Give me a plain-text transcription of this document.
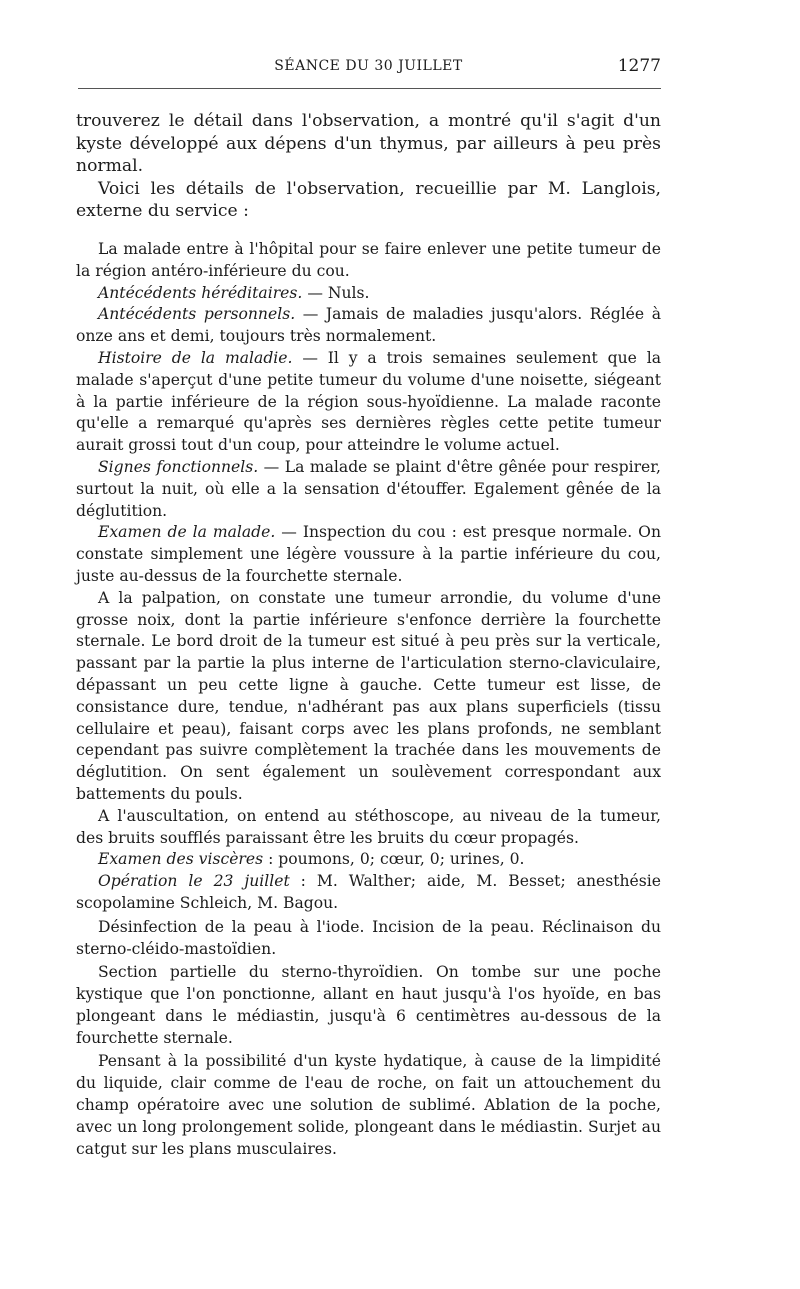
SÉANCE DU 30 JUILLET	1277

trouverez le détail dans l'observation, a montré qu'il s'agit d'un kyste développé aux dépens d'un thymus, par ailleurs à peu près normal.

Voici les détails de l'observation, recueillie par M. Langlois, externe du service :

La malade entre à l'hôpital pour se faire enlever une petite tumeur de la région antéro-inférieure du cou.

Antécédents héréditaires. — Nuls.

Antécédents personnels. — Jamais de maladies jusqu'alors. Réglée à onze ans et demi, toujours très normalement.

Histoire de la maladie. — Il y a trois semaines seulement que la malade s'aperçut d'une petite tumeur du volume d'une noisette, siégeant à la partie inférieure de la région sous-hyoïdienne. La malade raconte qu'elle a remarqué qu'après ses dernières règles cette petite tumeur aurait grossi tout d'un coup, pour atteindre le volume actuel.

Signes fonctionnels. — La malade se plaint d'être gênée pour respirer, surtout la nuit, où elle a la sensation d'étouffer. Egalement gênée de la déglutition.

Examen de la malade. — Inspection du cou : est presque normale. On constate simplement une légère voussure à la partie inférieure du cou, juste au-dessus de la fourchette sternale.

A la palpation, on constate une tumeur arrondie, du volume d'une grosse noix, dont la partie inférieure s'enfonce derrière la fourchette sternale. Le bord droit de la tumeur est situé à peu près sur la verticale, passant par la partie la plus interne de l'articulation sterno-claviculaire, dépassant un peu cette ligne à gauche. Cette tumeur est lisse, de consistance dure, tendue, n'adhérant pas aux plans superficiels (tissu cellulaire et peau), faisant corps avec les plans profonds, ne semblant cependant pas suivre complètement la trachée dans les mouvements de déglutition. On sent également un soulèvement correspondant aux battements du pouls.

A l'auscultation, on entend au stéthoscope, au niveau de la tumeur, des bruits soufflés paraissant être les bruits du cœur propagés.

Examen des viscères : poumons, 0; cœur, 0; urines, 0.

Opération le 23 juillet : M. Walther; aide, M. Besset; anesthésie scopolamine Schleich, M. Bagou.

Désinfection de la peau à l'iode. Incision de la peau. Réclinaison du sterno-cléido-mastoïdien.

Section partielle du sterno-thyroïdien. On tombe sur une poche kystique que l'on ponctionne, allant en haut jusqu'à l'os hyoïde, en bas plongeant dans le médiastin, jusqu'à 6 centimètres au-dessous de la fourchette sternale.

Pensant à la possibilité d'un kyste hydatique, à cause de la limpidité du liquide, clair comme de l'eau de roche, on fait un attouchement du champ opératoire avec une solution de sublimé. Ablation de la poche, avec un long prolongement solide, plongeant dans le médiastin. Surjet au catgut sur les plans musculaires.
